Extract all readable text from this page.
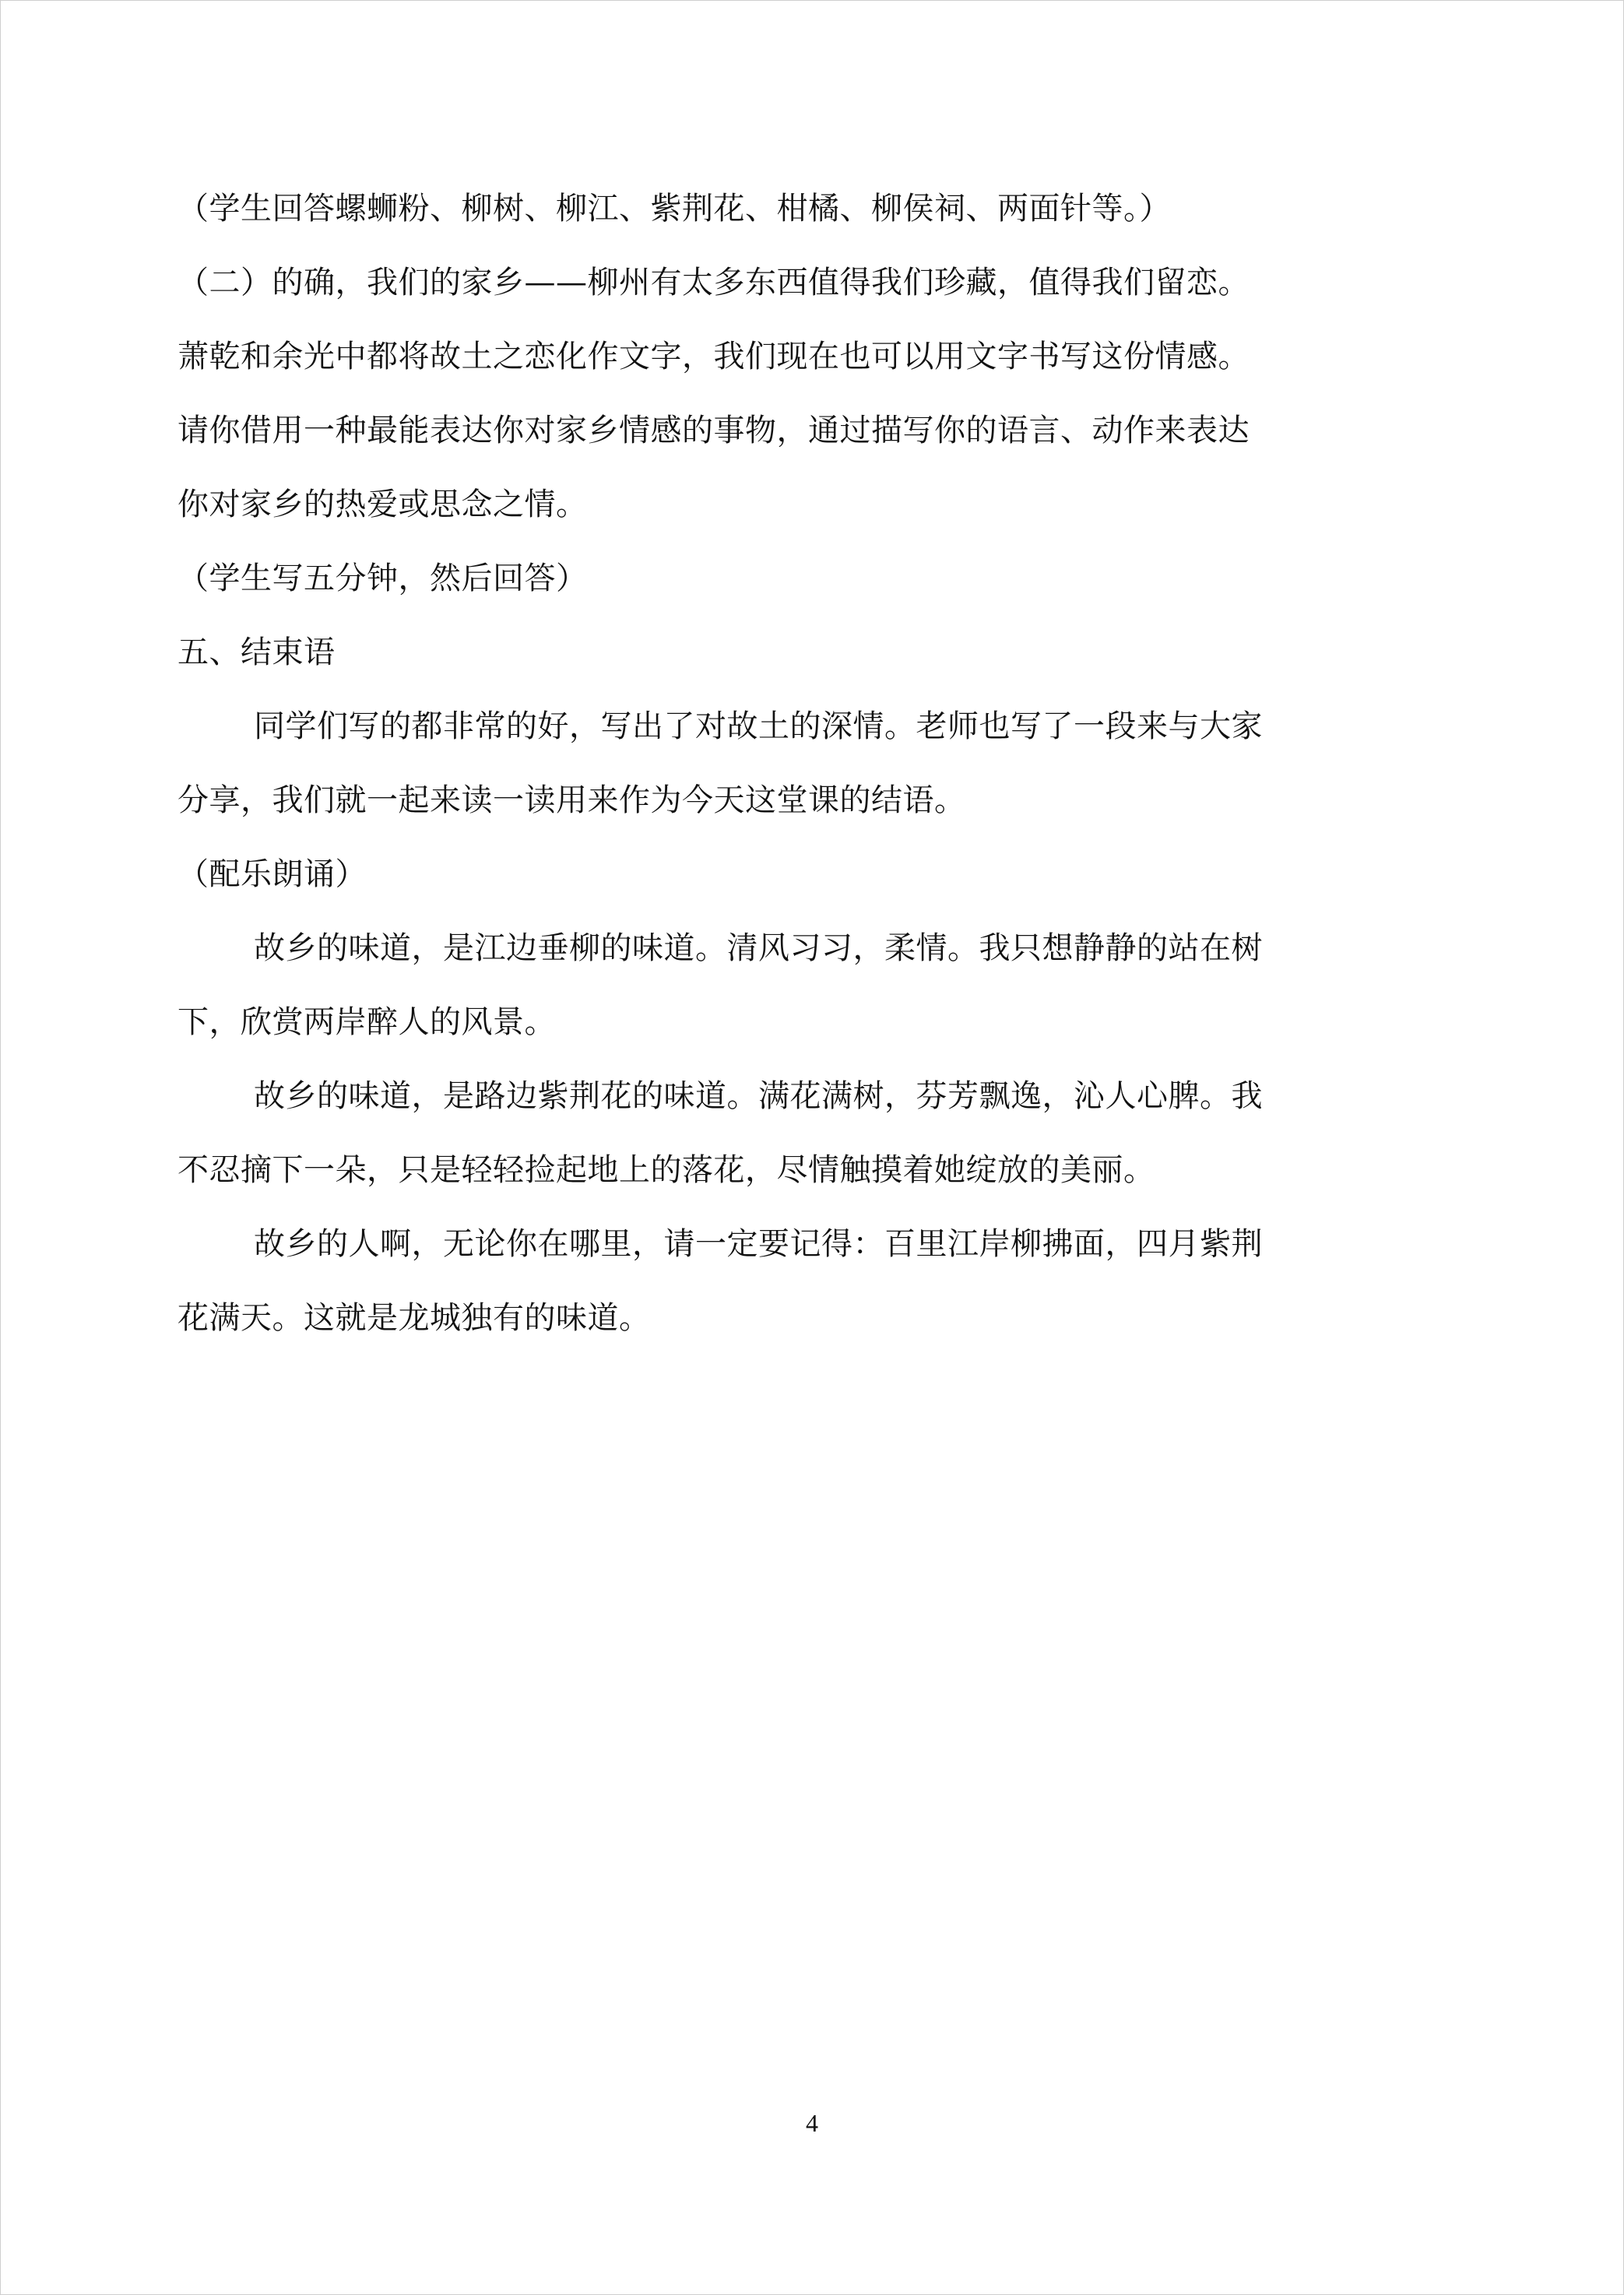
（学生回答螺蛳粉、柳树、柳江、紫荆花、柑橘、柳侯祠、两面针等。）
（二）的确，我们的家乡——柳州有太多东西值得我们珍藏，值得我们留恋。
萧乾和余光中都将故土之恋化作文字，我们现在也可以用文字书写这份情感。
请你借用一种最能表达你对家乡情感的事物，通过描写你的语言、动作来表达
你对家乡的热爱或思念之情。
（学生写五分钟，然后回答）
五、结束语
同学们写的都非常的好，写出了对故土的深情。老师也写了一段来与大家
分享，我们就一起来读一读用来作为今天这堂课的结语。
（配乐朗诵）
故乡的味道，是江边垂柳的味道。清风习习，柔情。我只想静静的站在树
下，欣赏两岸醉人的风景。
故乡的味道，是路边紫荆花的味道。满花满树，芬芳飘逸，沁人心脾。我
不忍摘下一朵，只是轻轻捡起地上的落花，尽情触摸着她绽放的美丽。
故乡的人啊，无论你在哪里，请一定要记得：百里江岸柳拂面，四月紫荆
花满天。这就是龙城独有的味道。
4
